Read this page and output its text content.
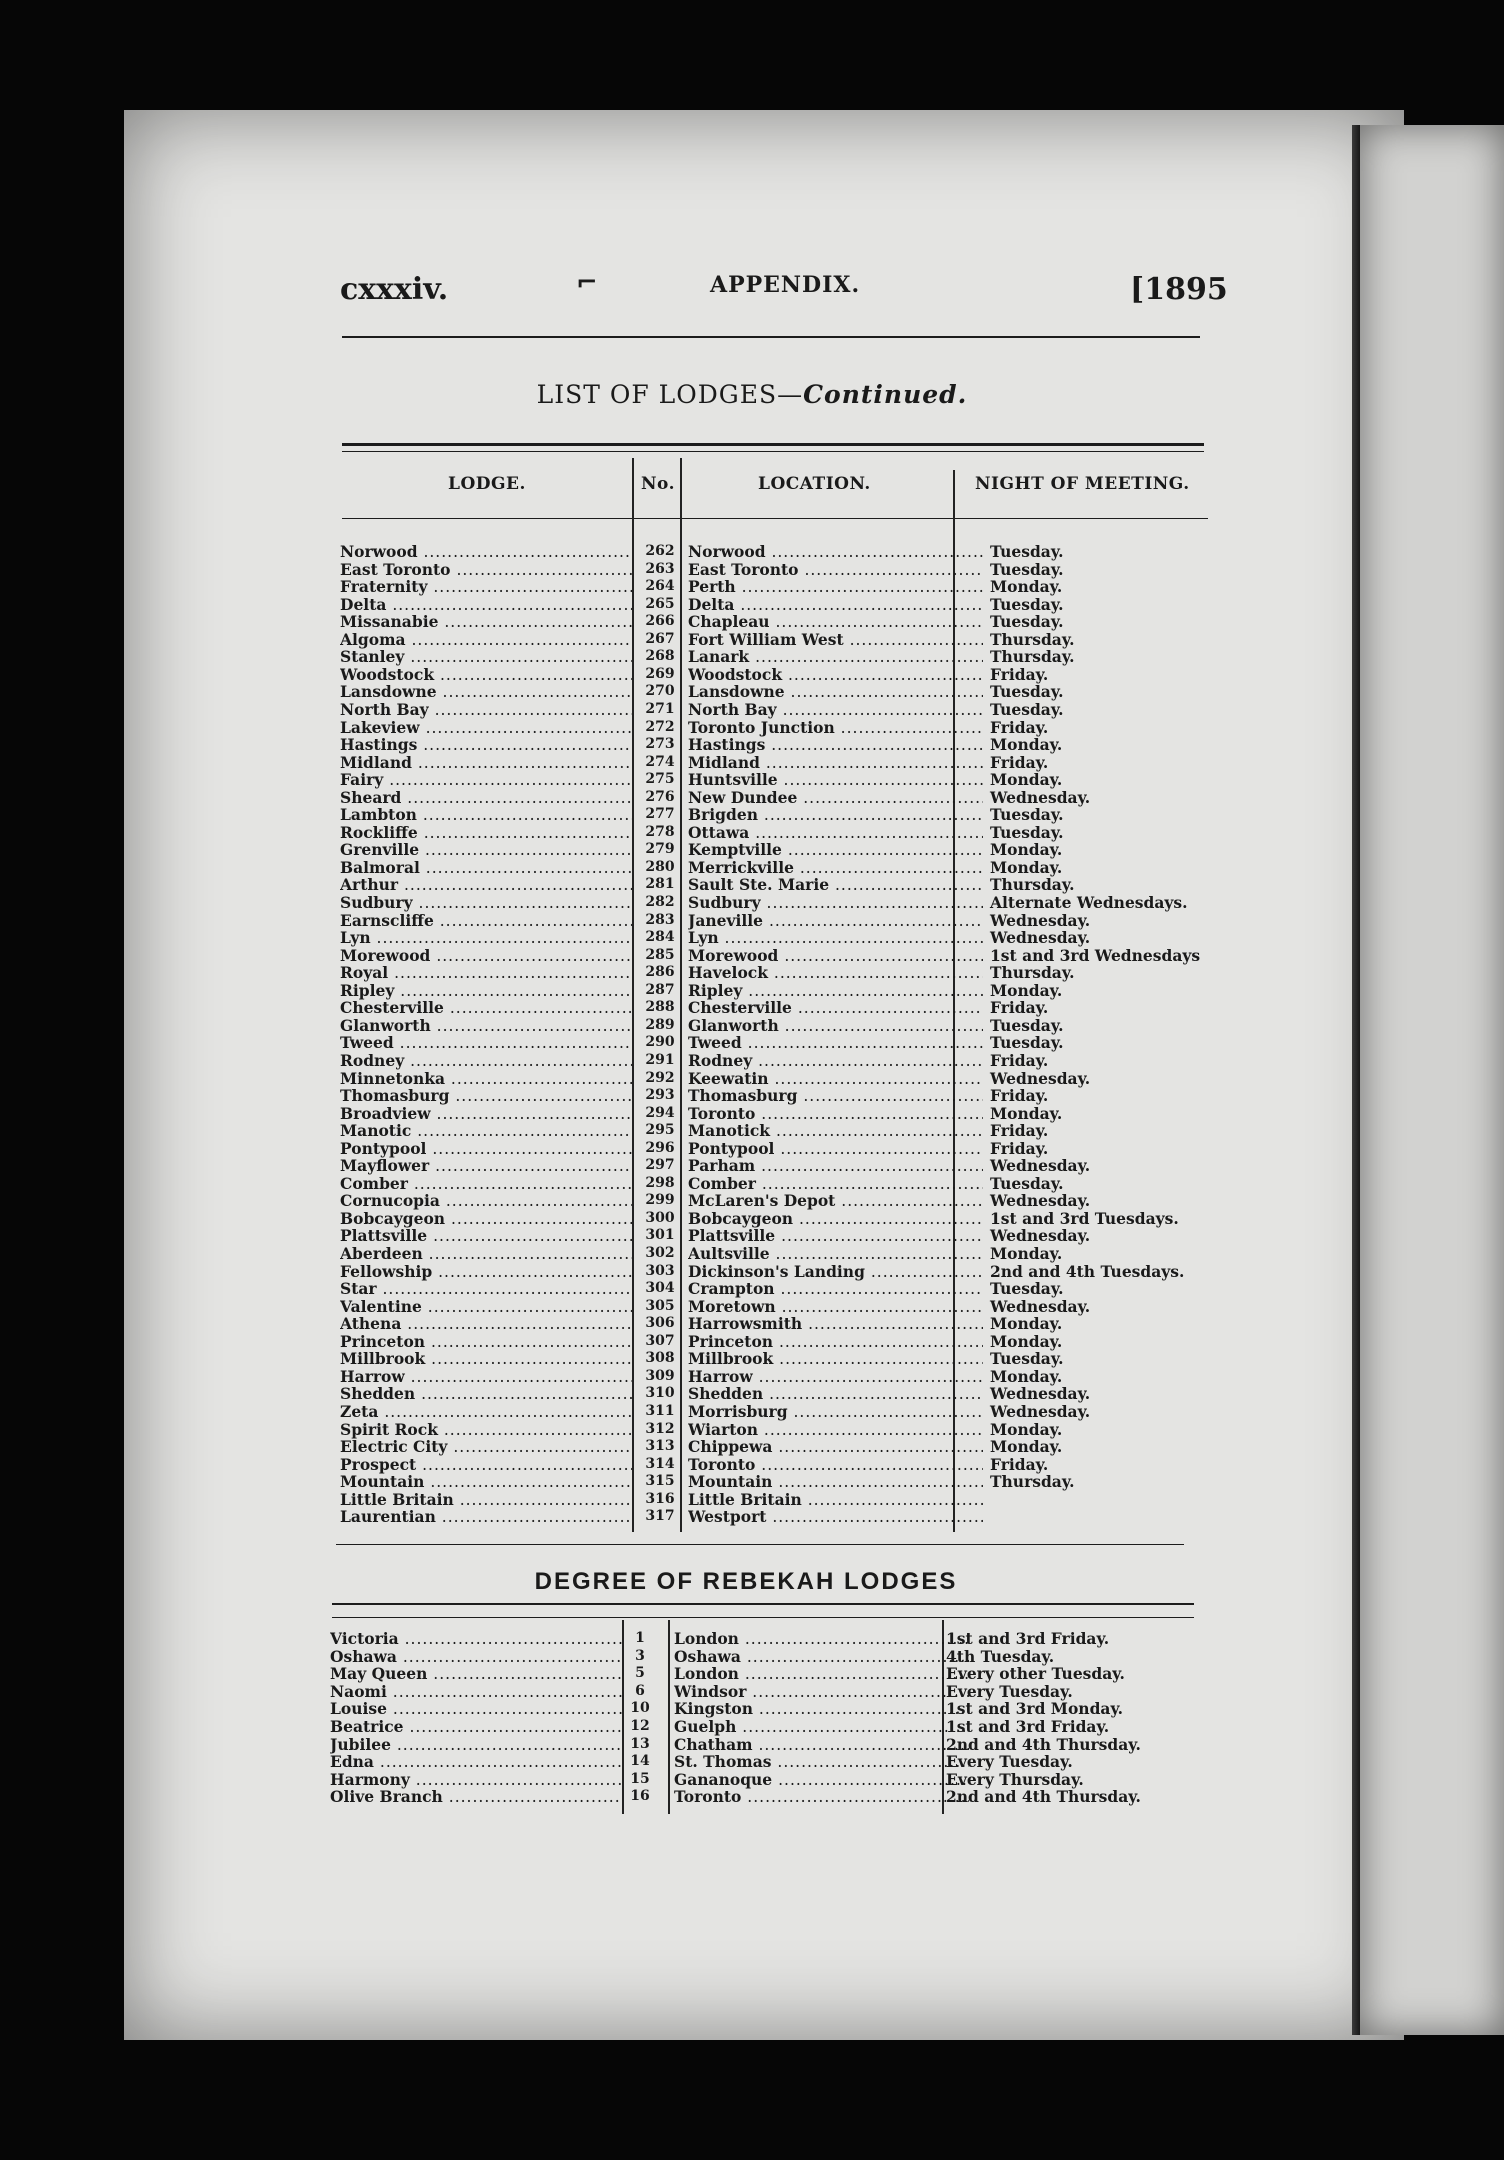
cxxxiv.	⌐	APPENDIX.	[1895
LIST OF LODGES—Continued.
LODGE.	No.	LOCATION.	NIGHT OF MEETING.
Norwood .....	262 Norwood .....	Tuesday.
East Toronto .....	263 East Toronto .....	Tuesday.
Fraternity .....	264 Perth .....	Monday.
Delta .....	265 Delta .....	Tuesday.
Missanabie .....	266 Chapleau .....	Tuesday.
Algoma .....	267 Fort William West .....	Thursday.
Stanley .....	268 Lanark .....	Thursday.
Woodstock .....	269 Woodstock .....	Friday.
Lansdowne .....	270 Lansdowne .....	Tuesday.
North Bay .....	271 North Bay .....	Tuesday.
Lakeview .....	272 Toronto Junction .....	Friday.
Hastings .....	273 Hastings .....	Monday.
Midland .....	274 Midland .....	Friday.
Fairy .....	275 Huntsville .....	Monday.
Sheard .....	276 New Dundee .....	Wednesday.
Lambton .....	277 Brigden .....	Tuesday.
Rockliffe .....	278 Ottawa .....	Tuesday.
Grenville .....	279 Kemptville .....	Monday.
Balmoral .....	280 Merrickville .....	Monday.
Arthur .....	281 Sault Ste. Marie .....	Thursday.
Sudbury .....	282 Sudbury .....	Alternate Wednesdays.
Earnscliffe .....	283 Janeville .....	Wednesday.
Lyn .....	284 Lyn .....	Wednesday.
Morewood .....	285 Morewood .....	1st and 3rd Wednesdays
Royal .....	286 Havelock .....	Thursday.
Ripley .....	287 Ripley .....	Monday.
Chesterville .....	288 Chesterville .....	Friday.
Glanworth .....	289 Glanworth .....	Tuesday.
Tweed .....	290 Tweed .....	Tuesday.
Rodney .....	291 Rodney .....	Friday.
Minnetonka .....	292 Keewatin .....	Wednesday.
Thomasburg .....	293 Thomasburg .....	Friday.
Broadview .....	294 Toronto .....	Monday.
Manotic .....	295 Manotick .....	Friday.
Pontypool .....	296 Pontypool .....	Friday.
Mayflower .....	297 Parham .....	Wednesday.
Comber .....	298 Comber .....	Tuesday.
Cornucopia .....	299 McLaren's Depot .....	Wednesday.
Bobcaygeon .....	300 Bobcaygeon .....	1st and 3rd Tuesdays.
Plattsville .....	301 Plattsville .....	Wednesday.
Aberdeen .....	302 Aultsville .....	Monday.
Fellowship .....	303 Dickinson's Landing .....	2nd and 4th Tuesdays.
Star .....	304 Crampton .....	Tuesday.
Valentine .....	305 Moretown .....	Wednesday.
Athena .....	306 Harrowsmith .....	Monday.
Princeton .....	307 Princeton .....	Monday.
Millbrook .....	308 Millbrook .....	Tuesday.
Harrow .....	309 Harrow .....	Monday.
Shedden .....	310 Shedden .....	Wednesday.
Zeta .....	311 Morrisburg .....	Wednesday.
Spirit Rock .....	312 Wiarton .....	Monday.
Electric City .....	313 Chippewa .....	Monday.
Prospect .....	314 Toronto .....	Friday.
Mountain .....	315 Mountain .....	Thursday.
Little Britain .....	316 Little Britain .....
Laurentian .....	317 Westport .....
DEGREE OF REBEKAH LODGES
Victoria .....	1	London .....	1st and 3rd Friday.
Oshawa .....	3	Oshawa .....	4th Tuesday.
May Queen .....	5	London .....	Every other Tuesday.
Naomi .....	6	Windsor .....	Every Tuesday.
Louise .....	10	Kingston .....	1st and 3rd Monday.
Beatrice .....	12	Guelph .....	1st and 3rd Friday.
Jubilee .....	13	Chatham .....	2nd and 4th Thursday.
Edna .....	14	St. Thomas .....	Every Tuesday.
Harmony .....	15	Gananoque .....	Every Thursday.
Olive Branch .....	16	Toronto .....	2nd and 4th Thursday.
